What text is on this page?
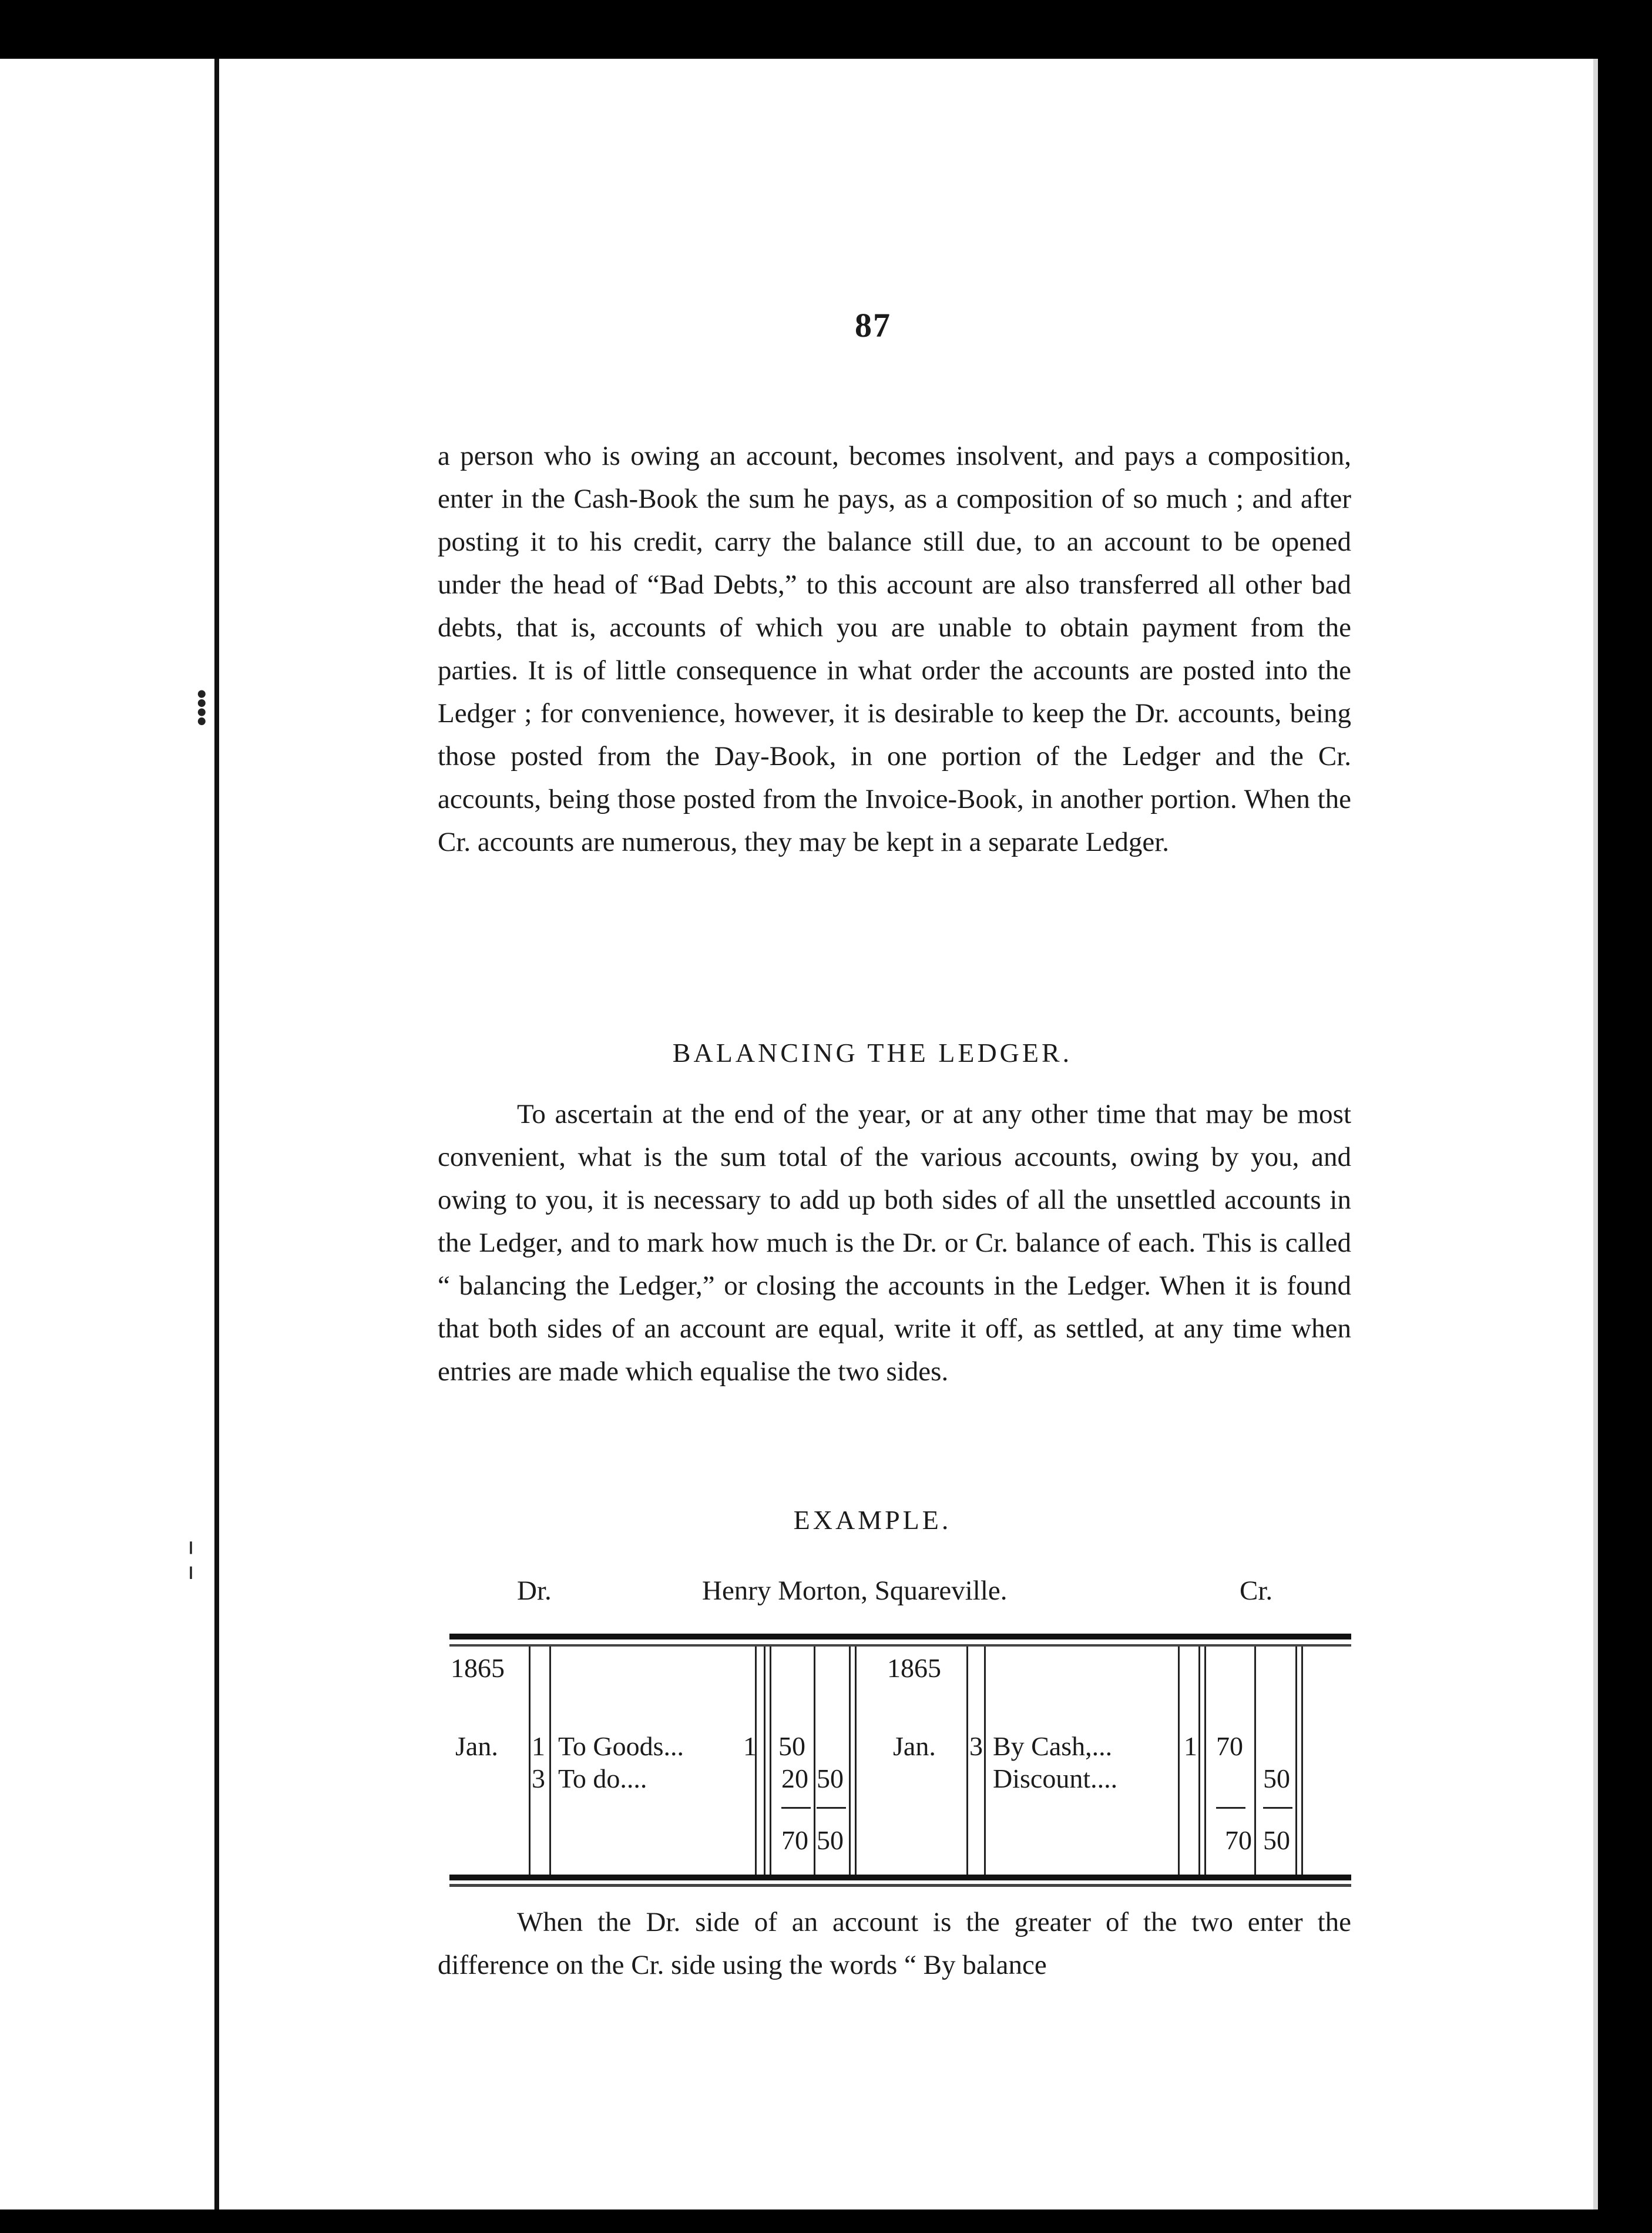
⁞
¦
87
a person who is owing an account, becomes insolvent, and pays a composition, enter in the Cash-Book the sum he pays, as a composition of so much ; and after posting it to his credit, carry the balance still due, to an account to be opened under the head of “Bad Debts,” to this account are also transferred all other bad debts, that is, accounts of which you are unable to obtain payment from the parties. It is of little consequence in what order the accounts are posted into the Ledger ; for convenience, however, it is desirable to keep the Dr. accounts, being those posted from the Day-Book, in one portion of the Ledger and the Cr. accounts, being those posted from the Invoice-Book, in another portion. When the Cr. accounts are numerous, they may be kept in a separate Ledger.
BALANCING THE LEDGER.
To ascertain at the end of the year, or at any other time that may be most convenient, what is the sum total of the various accounts, owing by you, and owing to you, it is necessary to add up both sides of all the unsettled accounts in the Ledger, and to mark how much is the Dr. or Cr. balance of each. This is called “ balancing the Ledger,” or closing the accounts in the Ledger. When it is found that both sides of an account are equal, write it off, as settled, at any time when entries are made which equalise the two sides.
EXAMPLE.
Dr.	Henry Morton, Squareville.	Cr.
1865
Jan. 1
3
To Goods...
To do....
1 50
20 50
70 50
1865
Jan. 3 By Cash,...
Discount....
1 70
50
70 50
When the Dr. side of an account is the greater of the two enter the difference on the Cr. side using the words “ By balance
